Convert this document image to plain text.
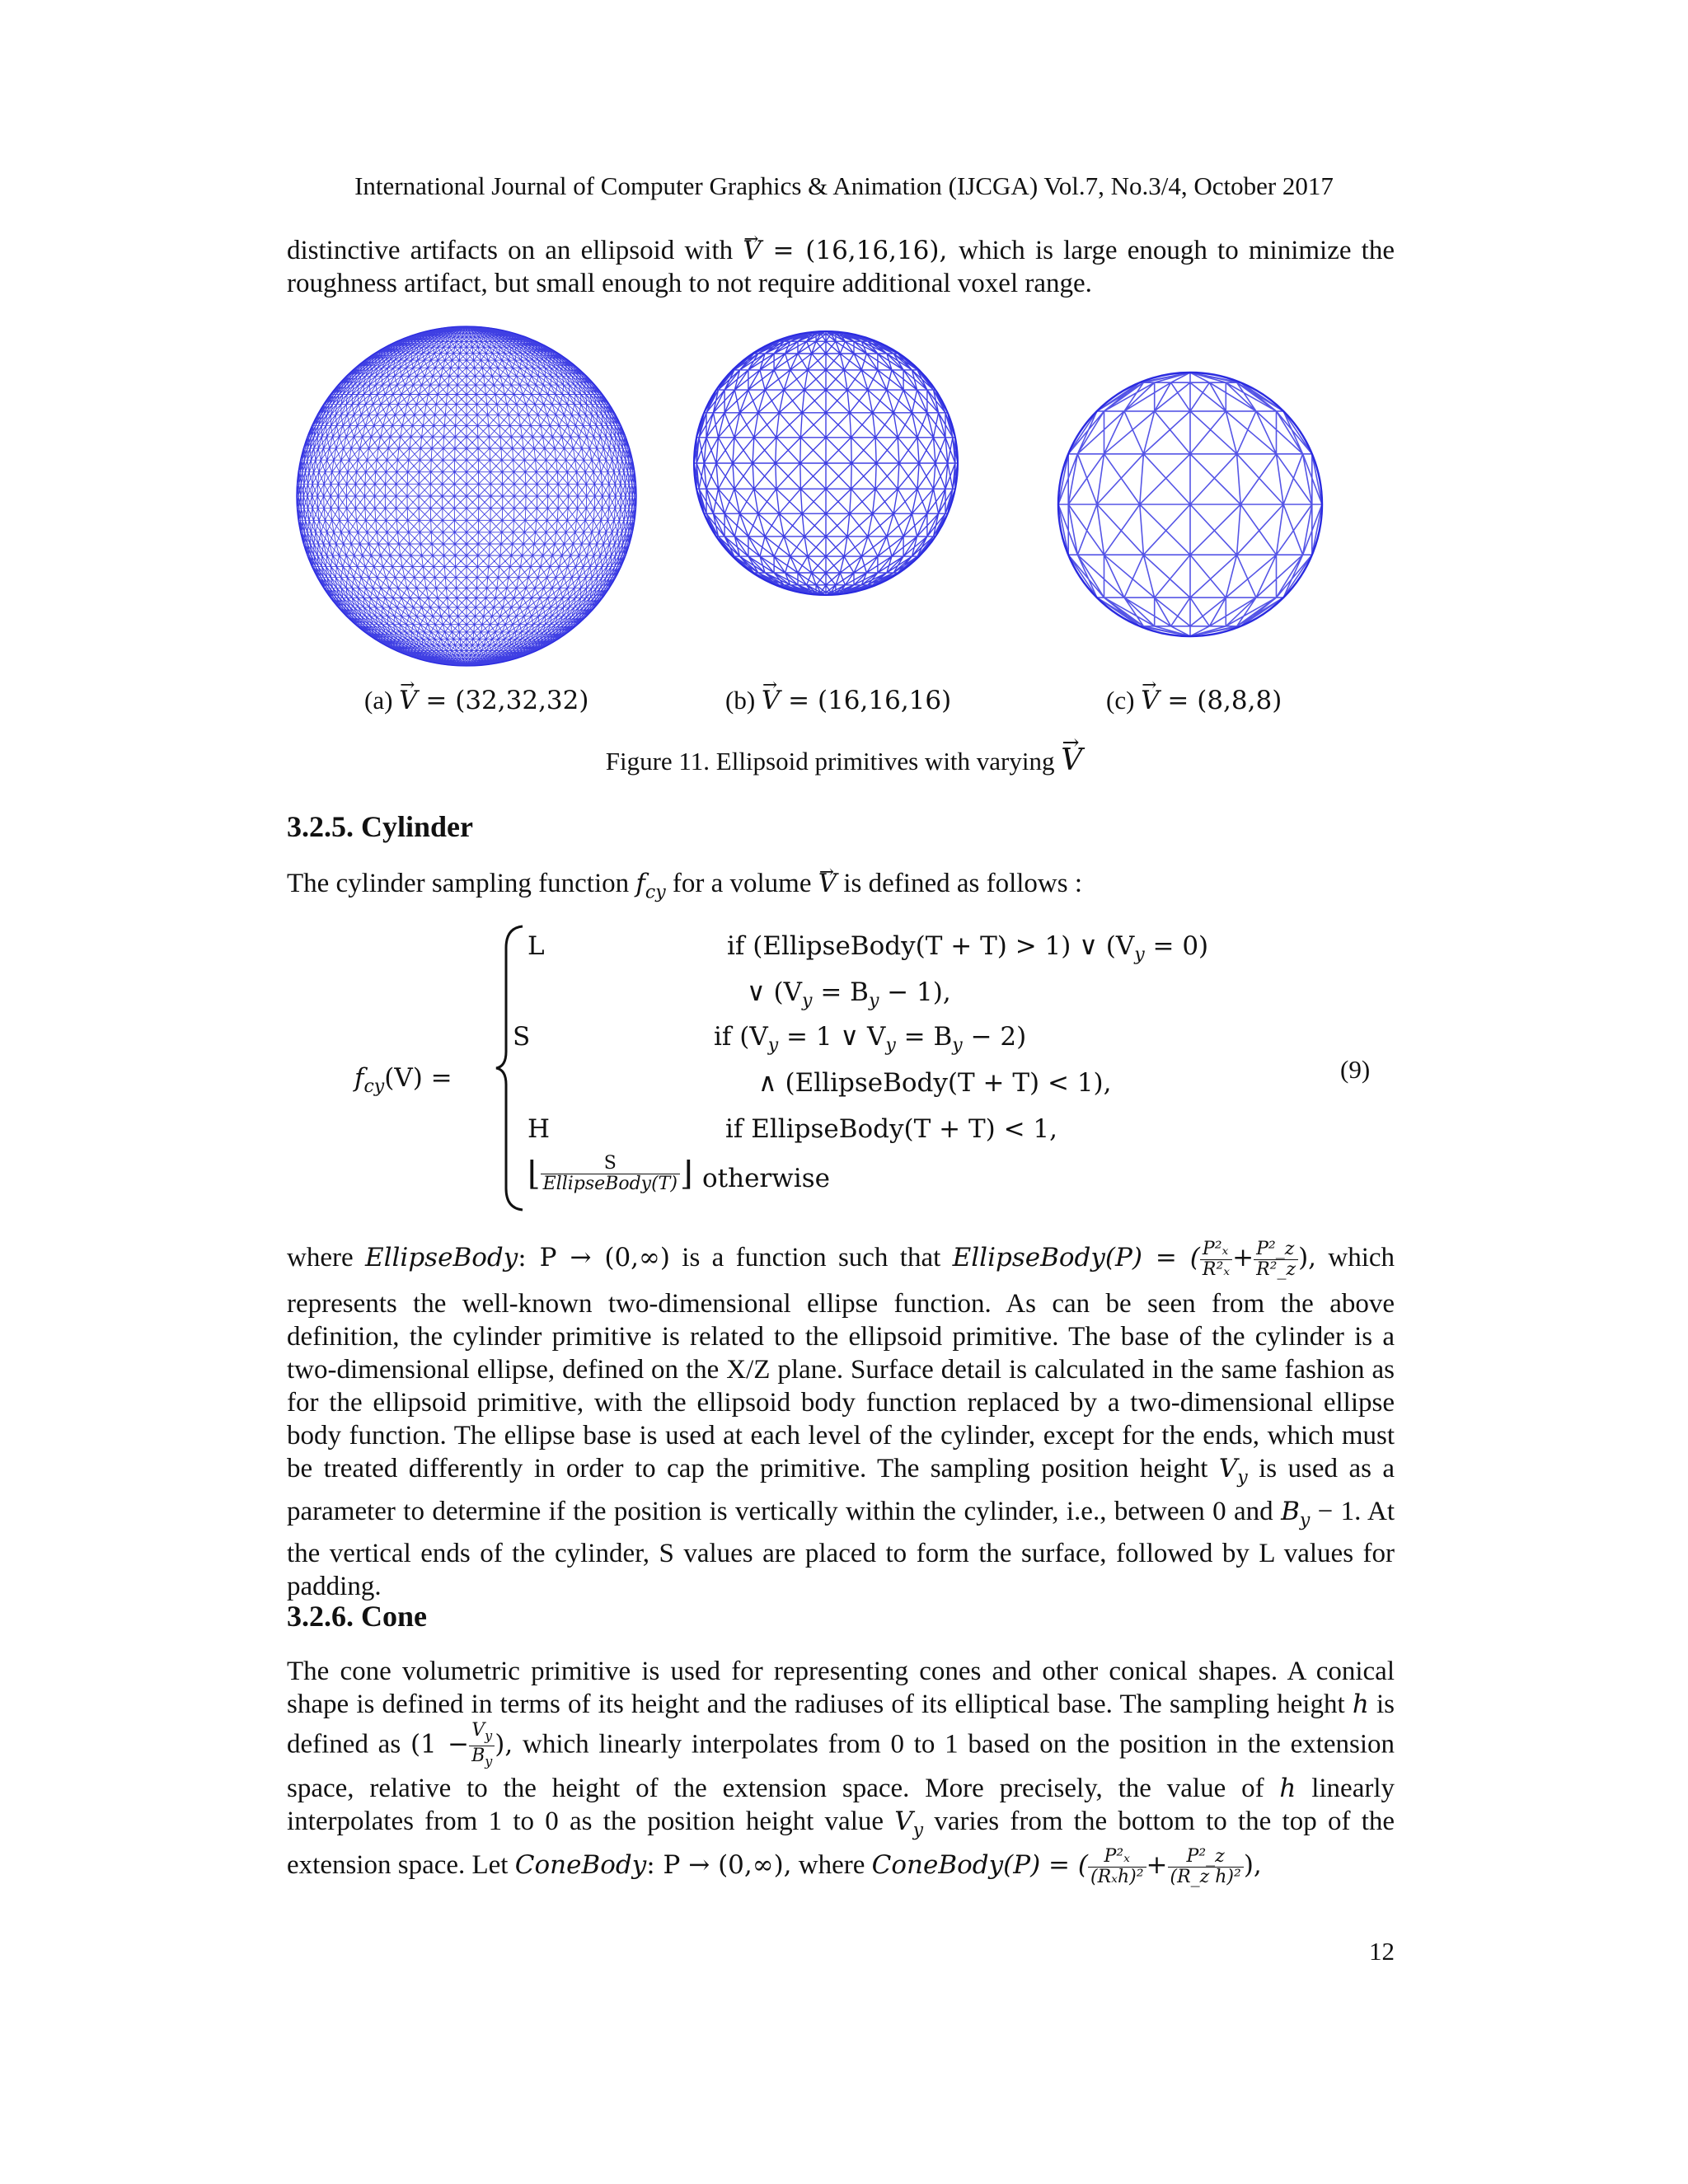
International Journal of Computer Graphics & Animation (IJCGA) Vol.7, No.3/4, October 2017
distinctive artifacts on an ellipsoid with → V = (16,16,16), which is large enough to minimize the
roughness artifact, but small enough to not require additional voxel range.
(a) → V = (32,32,32)	(b) → V = (16,16,16)	(c) → V = (8,8,8)
Figure 11. Ellipsoid primitives with varying → V
3.2.5. Cylinder
The cylinder sampling function $f_{cy}$ for a volume → V is defined as follows :
$f_{cy}(V)$ =
L	if (EllipseBody(T + T) > 1) ∨ $(V_y = 0)$
∨ $(V_y = B_y - 1)$,
S	if ($V_y = 1$ ∨ $V_y = B_y - 2$)
∧ (EllipseBody(T + T) < 1),
H	if EllipseBody(T + T) < 1,
⌊ $\frac{S}{\text{EllipseBody(T)}}$ ⌋ otherwise
(9)
where EllipseBody: P → (0,∞) is a function such that EllipseBody(P) = ( $\frac{\text{P²ₓ}}{\text{R²ₓ}} + \frac{\text{P²\_z}}{\text{R²\_z}}$ ), which
represents the well-known two-dimensional ellipse function. As can be seen from the above definition, the cylinder primitive is related to the ellipsoid primitive. The base of the cylinder is a two-dimensional ellipse, defined on the X/Z plane. Surface detail is calculated in the same fashion as for the ellipsoid primitive, with the ellipsoid body function replaced by a two-dimensional ellipse body function. The ellipse base is used at each level of the cylinder, except for the ends, which must be treated differently in order to cap the primitive. The sampling position height $V_y$ is used as a parameter to determine if the position is vertically within the cylinder, i.e., between 0 and $B_y - 1$. At the vertical ends of the cylinder, S values are placed to form the surface, followed by L values for padding.
3.2.6. Cone
The cone volumetric primitive is used for representing cones and other conical shapes. A conical shape is defined in terms of its height and the radiuses of its elliptical base. The sampling height h is defined as ($1 - \frac{V_y}{B_y}$ ), which linearly interpolates from 0 to 1 based on the position in the extension space, relative to the height of the extension space. More precisely, the value of h linearly interpolates from 1 to 0 as the position height value $V_y$ varies from the bottom to the top of the extension space. Let ConeBody: P → (0,∞), where ConeBody(P) = ( $\frac{\text{P²ₓ}}{\text{(Rₓh)²}} + \frac{\text{P²\_z}}{\text{(R\_z h)²}}$ ),
12
